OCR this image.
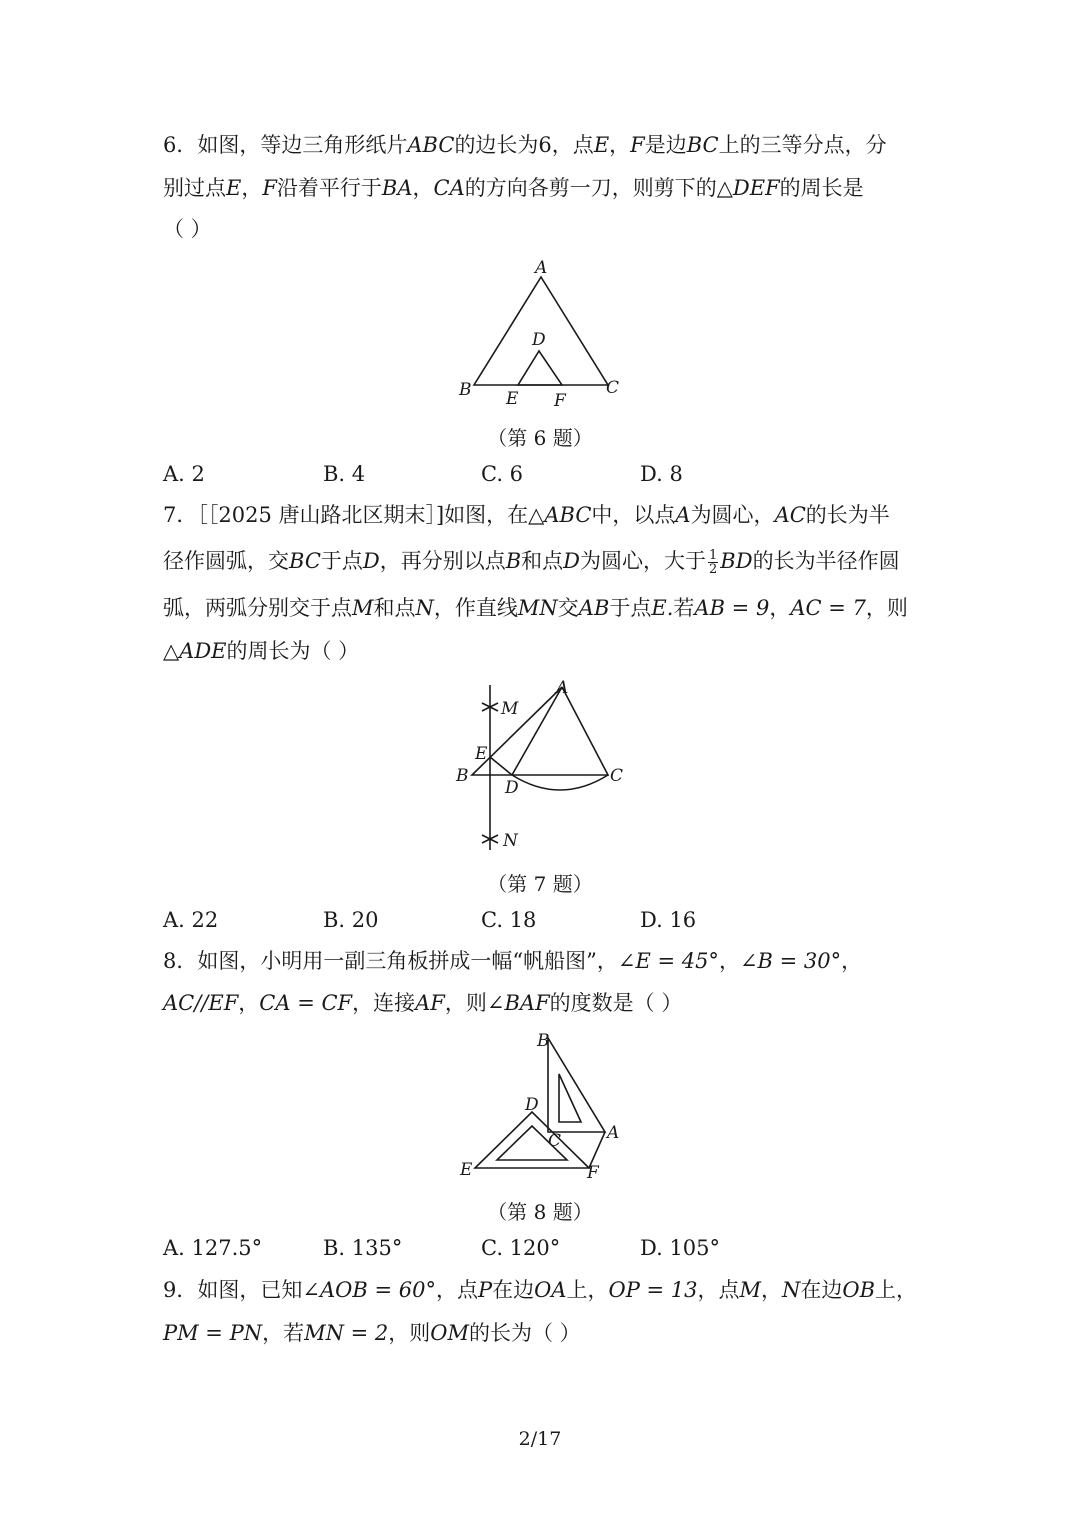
6．如图，等边三角形纸片ABC的边长为6，点E，F是边BC上的三等分点，分
别过点E，F沿着平行于BA，CA的方向各剪一刀，则剪下的△DEF的周长是
（ ）
A
B	C
D
E F
（第 6 题）
A. 2	B. 4	C. 6	D. 8
7．［［2025 唐山路北区期末］]如图，在△ABC中，以点A为圆心，AC的长为半
径作圆弧，交BC于点D，再分别以点B和点D为圆心，大于 $\frac{1}{2}$ BD的长为半径作圆
弧，两弧分别交于点M和点N，作直线MN交AB于点E.若AB = 9，AC = 7，则
△ADE的周长为（ ）
A
M
E
B	C
D
N
（第 7 题）
A. 22	B. 20	C. 18	D. 16
8．如图，小明用一副三角板拼成一幅“帆船图”，∠E = 45°，∠B = 30°，
AC//EF，CA = CF，连接AF，则∠BAF的度数是（ ）
B
D
C	A
E	F
（第 8 题）
A. 127.5°	B. 135°	C. 120°	D. 105°
9．如图，已知∠AOB = 60°，点P在边OA上，OP = 13，点M，N在边OB上，
PM = PN，若MN = 2，则OM的长为（ ）
2/17
